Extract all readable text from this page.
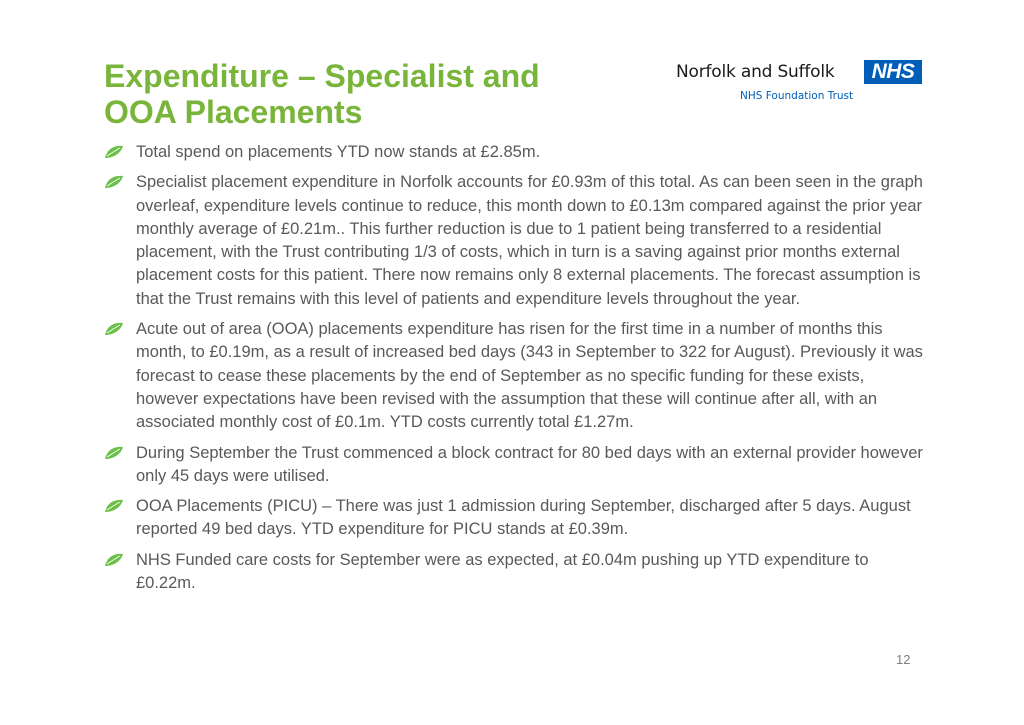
Expenditure – Specialist and
OOA Placements
Norfolk and Suffolk	NHS
NHS Foundation Trust
Total spend on placements YTD now stands at £2.85m.
Specialist placement expenditure in Norfolk accounts for £0.93m of this total. As can been seen in the graph overleaf, expenditure levels continue to reduce, this month down to £0.13m compared against the prior year monthly average of £0.21m.. This further reduction is due to 1 patient being transferred to a residential placement, with the Trust contributing 1/3 of costs, which in turn is a saving against prior months external placement costs for this patient. There now remains only 8 external placements. The forecast assumption is that the Trust remains with this level of patients and expenditure levels throughout the year.
Acute out of area (OOA) placements expenditure has risen for the first time in a number of months this month, to £0.19m, as a result of increased bed days (343 in September to 322 for August). Previously it was forecast to cease these placements by the end of September as no specific funding for these exists, however expectations have been revised with the assumption that these will continue after all, with an associated monthly cost of £0.1m. YTD costs currently total £1.27m.
During September the Trust commenced a block contract for 80 bed days with an external provider however only 45 days were utilised.
OOA Placements (PICU) – There was just 1 admission during September, discharged after 5 days. August reported 49 bed days. YTD expenditure for PICU stands at £0.39m.
NHS Funded care costs for September were as expected, at £0.04m pushing up YTD expenditure to £0.22m.
12
